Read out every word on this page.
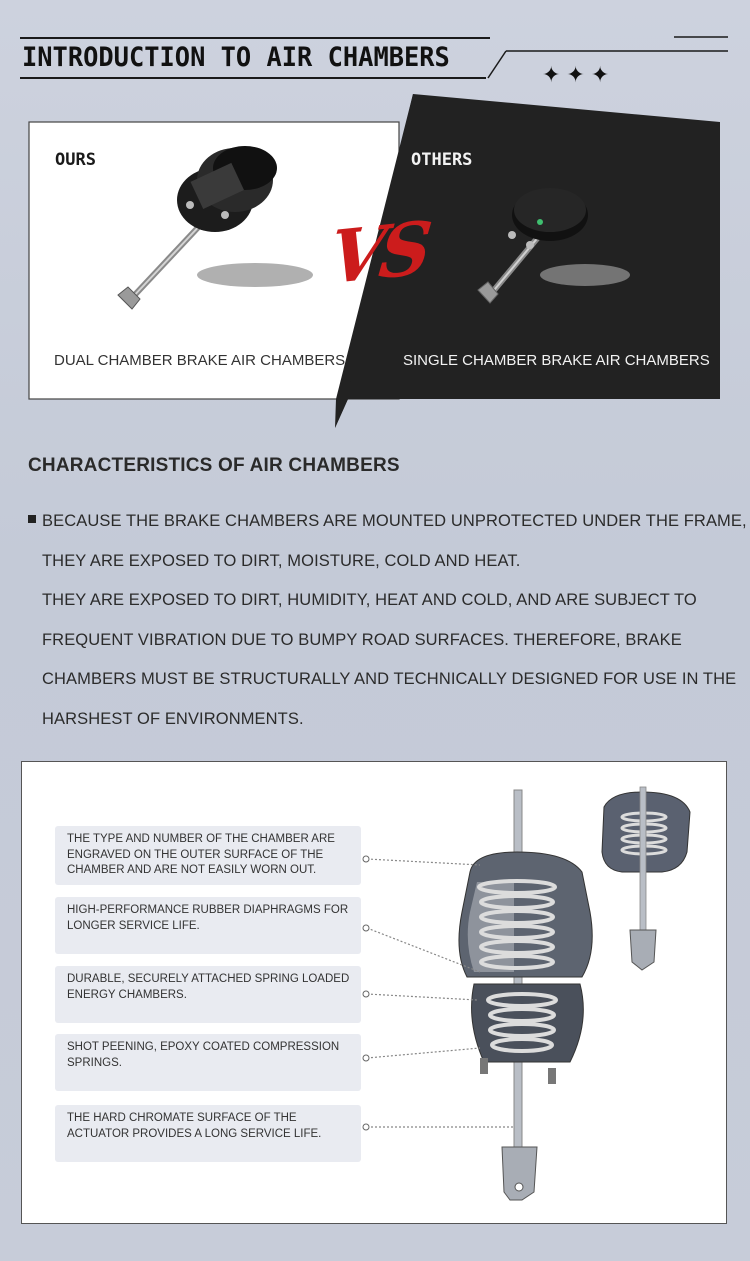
INTRODUCTION TO AIR CHAMBERS
✦✦✦
OURS	OTHERS
VS
DUAL CHAMBER BRAKE AIR CHAMBERS	SINGLE CHAMBER BRAKE AIR CHAMBERS
CHARACTERISTICS OF AIR CHAMBERS
BECAUSE THE BRAKE CHAMBERS ARE MOUNTED UNPROTECTED UNDER THE FRAME,
THEY ARE EXPOSED TO DIRT, MOISTURE, COLD AND HEAT.
THEY ARE EXPOSED TO DIRT, HUMIDITY, HEAT AND COLD, AND ARE SUBJECT TO
FREQUENT VIBRATION DUE TO BUMPY ROAD SURFACES. THEREFORE, BRAKE
CHAMBERS MUST BE STRUCTURALLY AND TECHNICALLY DESIGNED FOR USE IN THE
HARSHEST OF ENVIRONMENTS.
THE TYPE AND NUMBER OF THE CHAMBER ARE ENGRAVED ON THE OUTER SURFACE OF THE CHAMBER AND ARE NOT EASILY WORN OUT.
HIGH-PERFORMANCE RUBBER DIAPHRAGMS FOR LONGER SERVICE LIFE.
DURABLE, SECURELY ATTACHED SPRING LOADED ENERGY CHAMBERS.
SHOT PEENING, EPOXY COATED COMPRESSION SPRINGS.
THE HARD CHROMATE SURFACE OF THE ACTUATOR PROVIDES A LONG SERVICE LIFE.
